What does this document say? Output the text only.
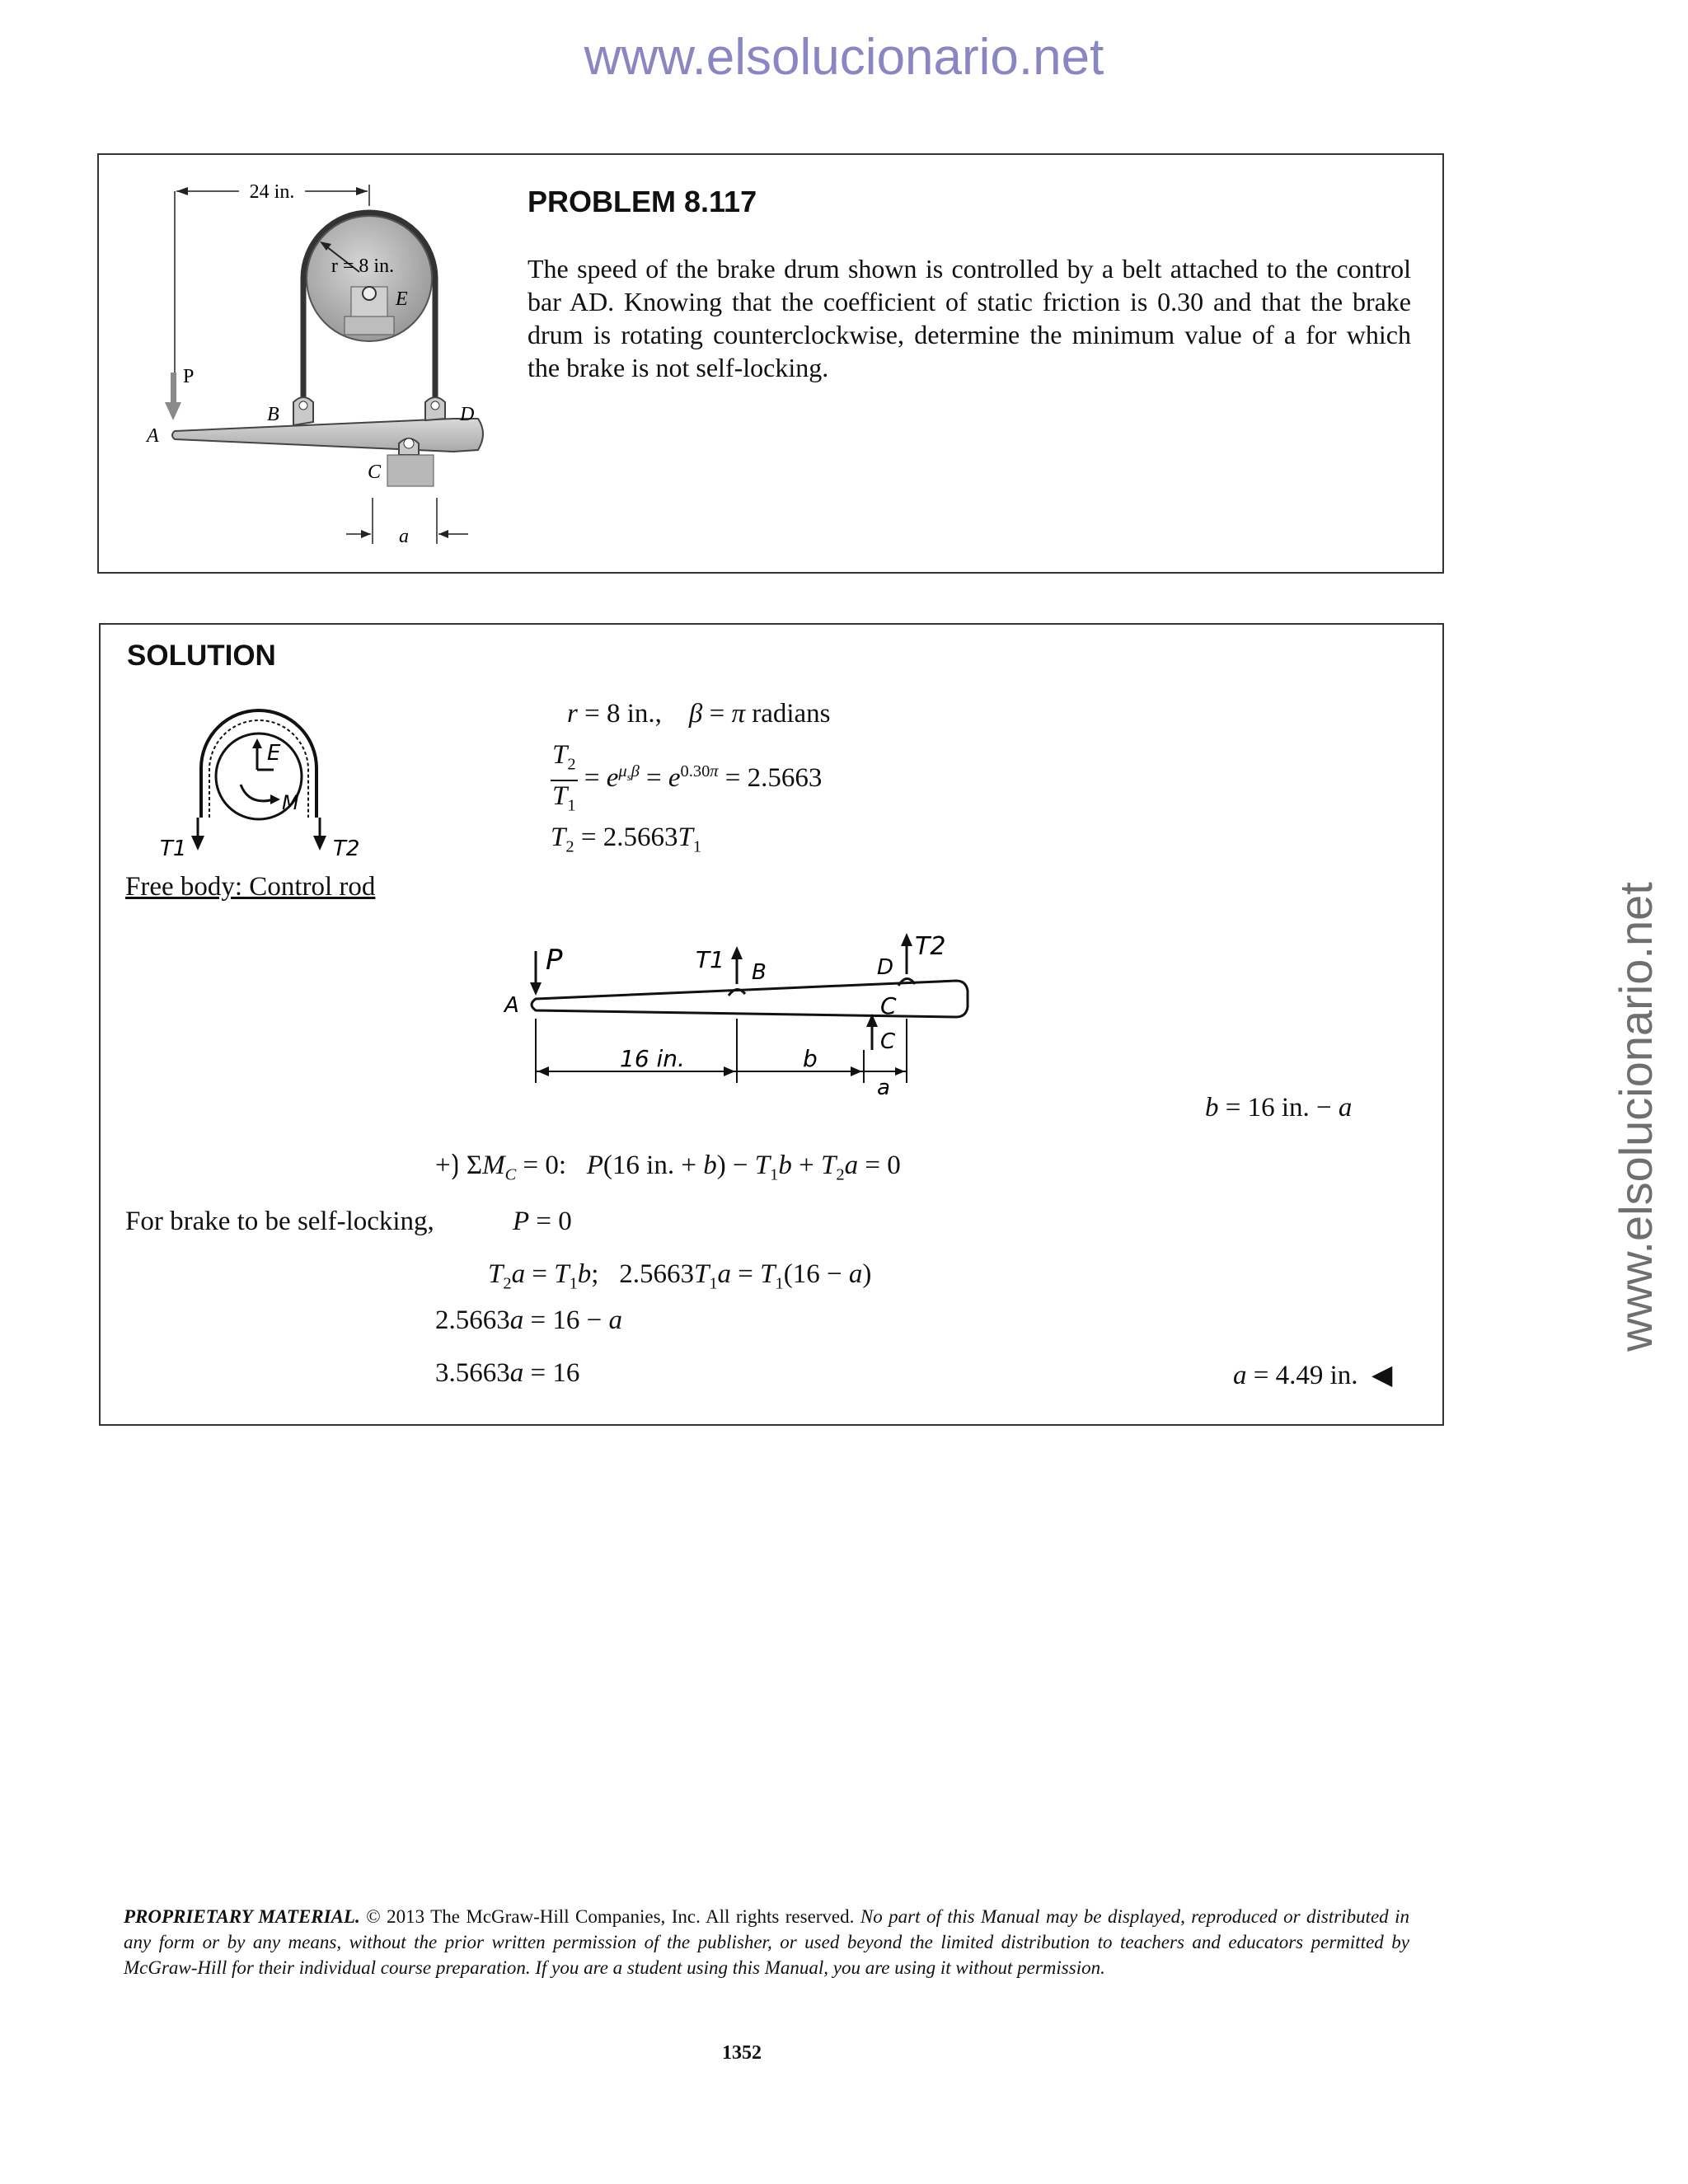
www.elsolucionario.net
www.elsolucionario.net
24 in.
r = 8 in.
E
P
A
B	D
C
a
PROBLEM 8.117
The speed of the brake drum shown is controlled by a belt attached to the control bar AD. Knowing that the coefficient of static friction is 0.30 and that the brake drum is rotating counterclockwise, determine the minimum value of a for which the brake is not self-locking.
SOLUTION
E
M
T1	T2
r = 8 in.,    β = π radians
$\frac{T_2}{T_1} = e^{\mu_s\beta} = e^{0.30\pi} = 2.5663$
$T_2 = 2.5663T_1$
Free body: Control rod
P
A
T1 B	D
T2
C
C
16 in.	b
a
b = 16 in. − a
+⟯ $\Sigma M_C = 0$:   P(16 in. + $b) - T_1b + T_2a = 0$
For brake to be self-locking,	P = 0
$T_2a = T_1b$;   $2.5663T_1a = T_1(16 - a)$
2.5663a = 16 − a
3.5663a = 16	a = 4.49 in.  ◀
PROPRIETARY MATERIAL. © 2013 The McGraw-Hill Companies, Inc. All rights reserved. No part of this Manual may be displayed, reproduced or distributed in any form or by any means, without the prior written permission of the publisher, or used beyond the limited distribution to teachers and educators permitted by McGraw-Hill for their individual course preparation. If you are a student using this Manual, you are using it without permission.
1352
